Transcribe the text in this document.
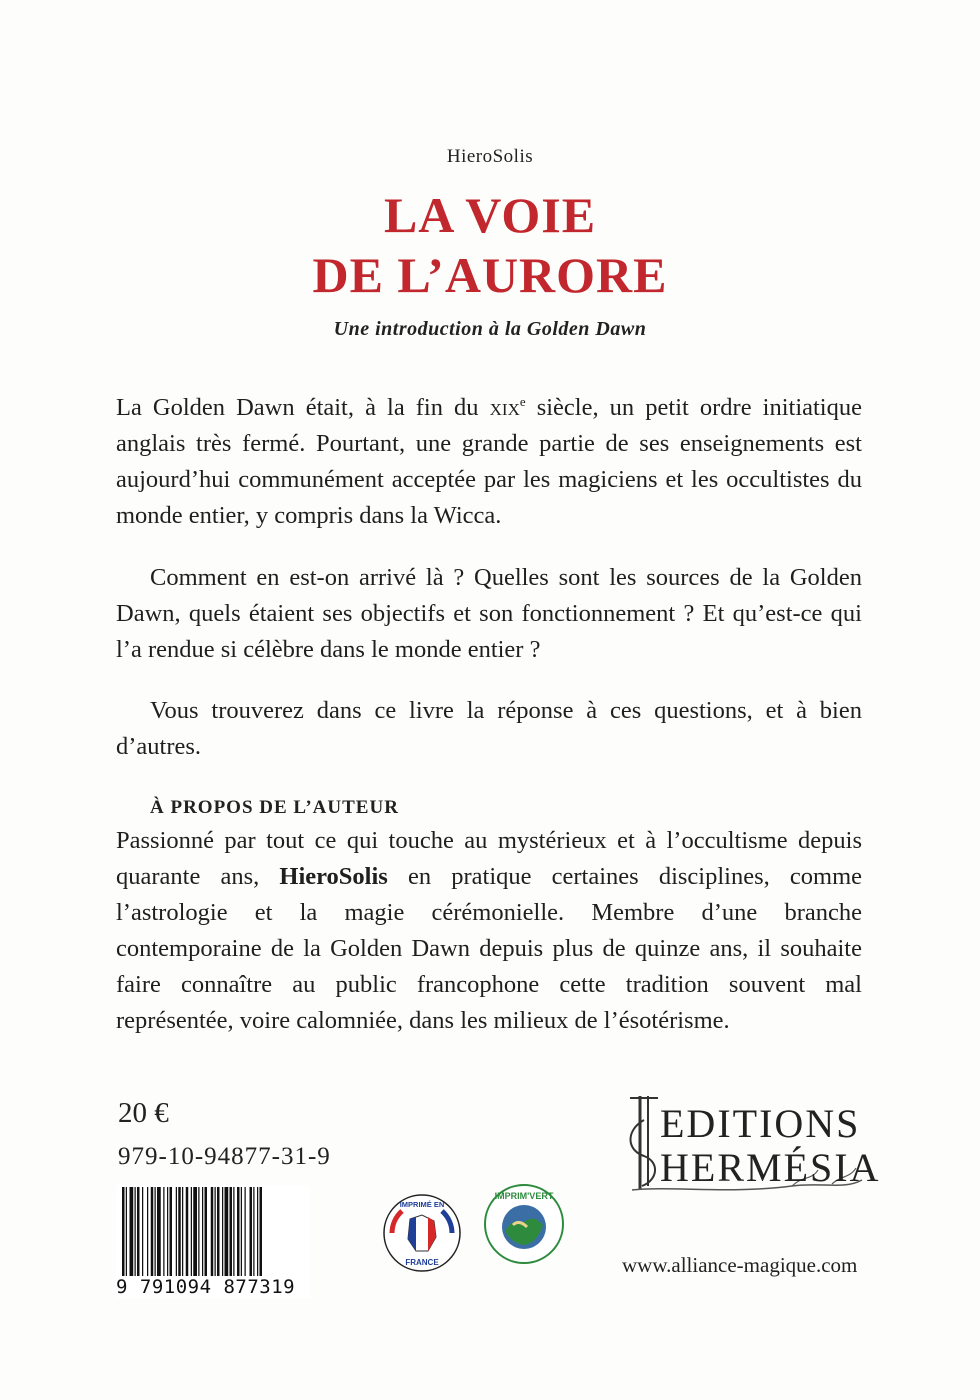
HieroSolis
LA VOIE
DE L’AURORE
Une introduction à la Golden Dawn
La Golden Dawn était, à la fin du xix$^e$ siècle, un petit ordre initiatique anglais très fermé. Pourtant, une grande partie de ses enseignements est aujourd’hui communément acceptée par les magiciens et les occultistes du monde entier, y compris dans la Wicca.
Comment en est-on arrivé là ? Quelles sont les sources de la Golden Dawn, quels étaient ses objectifs et son fonctionnement ? Et qu’est-ce qui l’a rendue si célèbre dans le monde entier ?
Vous trouverez dans ce livre la réponse à ces questions, et à bien d’autres.
À PROPOS DE L’AUTEUR
Passionné par tout ce qui touche au mystérieux et à l’occultisme depuis quarante ans, HieroSolis en pratique certaines disciplines, comme l’astrologie et la magie cérémonielle. Membre d’une branche contemporaine de la Golden Dawn depuis plus de quinze ans, il souhaite faire connaître au public francophone cette tradition souvent mal représentée, voire calomniée, dans les milieux de l’ésotérisme.
20 €
979-10-94877-31-9
9 791094 877319
IMPRIMÉ EN
FRANCE
IMPRIM'VERT
EDITIONS
HERMÉSIA
www.alliance-magique.com
